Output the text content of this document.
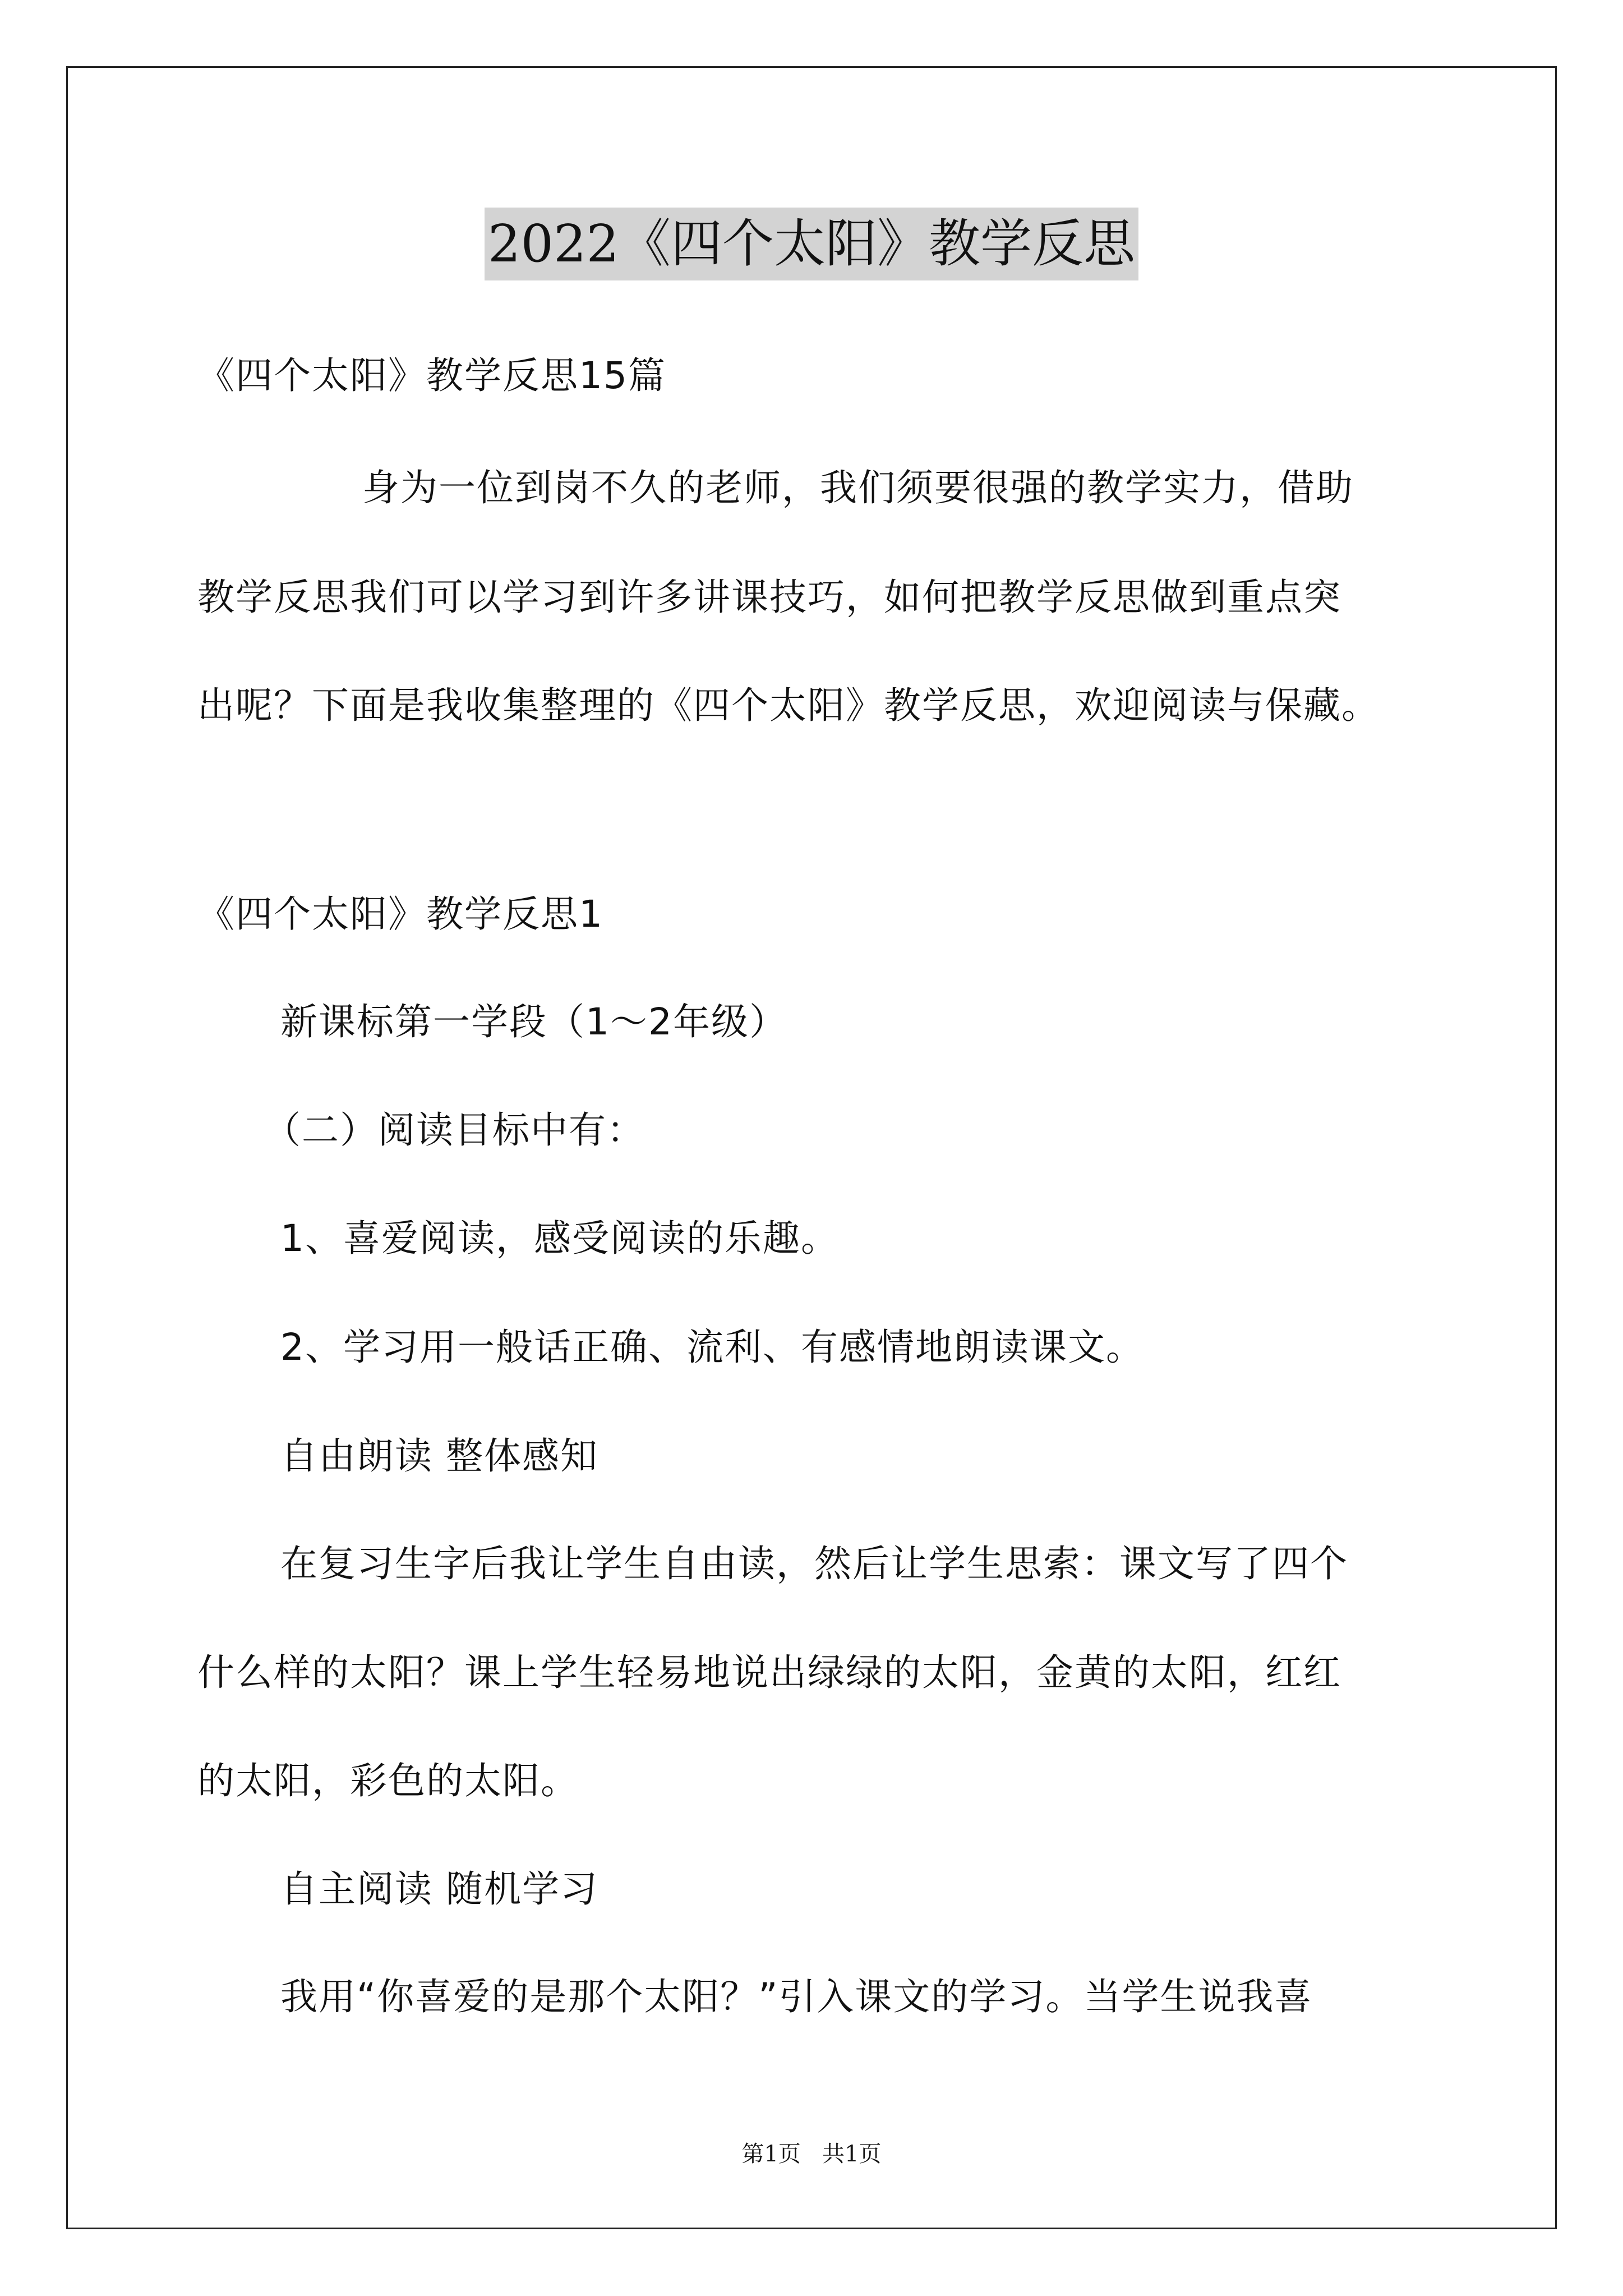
2022《四个太阳》教学反思
《四个太阳》教学反思15篇
身为一位到岗不久的老师，我们须要很强的教学实力，借助
教学反思我们可以学习到许多讲课技巧，如何把教学反思做到重点突
出呢？下面是我收集整理的《四个太阳》教学反思，欢迎阅读与保藏。
《四个太阳》教学反思1
新课标第一学段（1～2年级）
（二）阅读目标中有：
1、喜爱阅读，感受阅读的乐趣。
2、学习用一般话正确、流利、有感情地朗读课文。
自由朗读 整体感知
在复习生字后我让学生自由读，然后让学生思索：课文写了四个
什么样的太阳？课上学生轻易地说出绿绿的太阳，金黄的太阳，红红
的太阳，彩色的太阳。
自主阅读 随机学习
我用“你喜爱的是那个太阳？”引入课文的学习。当学生说我喜
第1页   共1页
